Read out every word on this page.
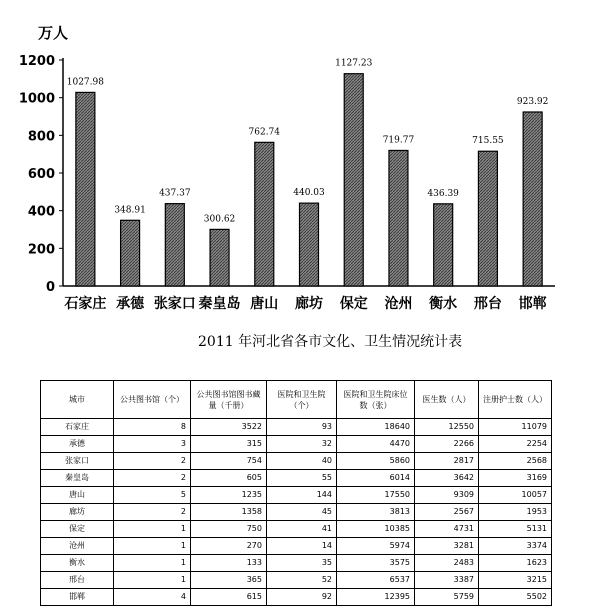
万人
0
200
400
600
800
1000
1200
1027.98
石家庄
348.91
承德
437.37
张家口
300.62
秦皇岛
762.74
唐山
440.03
廊坊
1127.23
保定
719.77
沧州
436.39
衡水
715.55
邢台
923.92
邯郸
2011 年河北省各市文化、卫生情况统计表
城市	公共图书馆（个）	公共图书馆图书藏量（千册）	医院和卫生院（个）	医院和卫生院床位数（张）	医生数（人）	注册护士数（人）
石家庄	8	3522	93	18640	12550	11079
承德	3	315	32	4470	2266	2254
张家口	2	754	40	5860	2817	2568
秦皇岛	2	605	55	6014	3642	3169
唐山	5	1235	144	17550	9309	10057
廊坊	2	1358	45	3813	2567	1953
保定	1	750	41	10385	4731	5131
沧州	1	270	14	5974	3281	3374
衡水	1	133	35	3575	2483	1623
邢台	1	365	52	6537	3387	3215
邯郸	4	615	92	12395	5759	5502
